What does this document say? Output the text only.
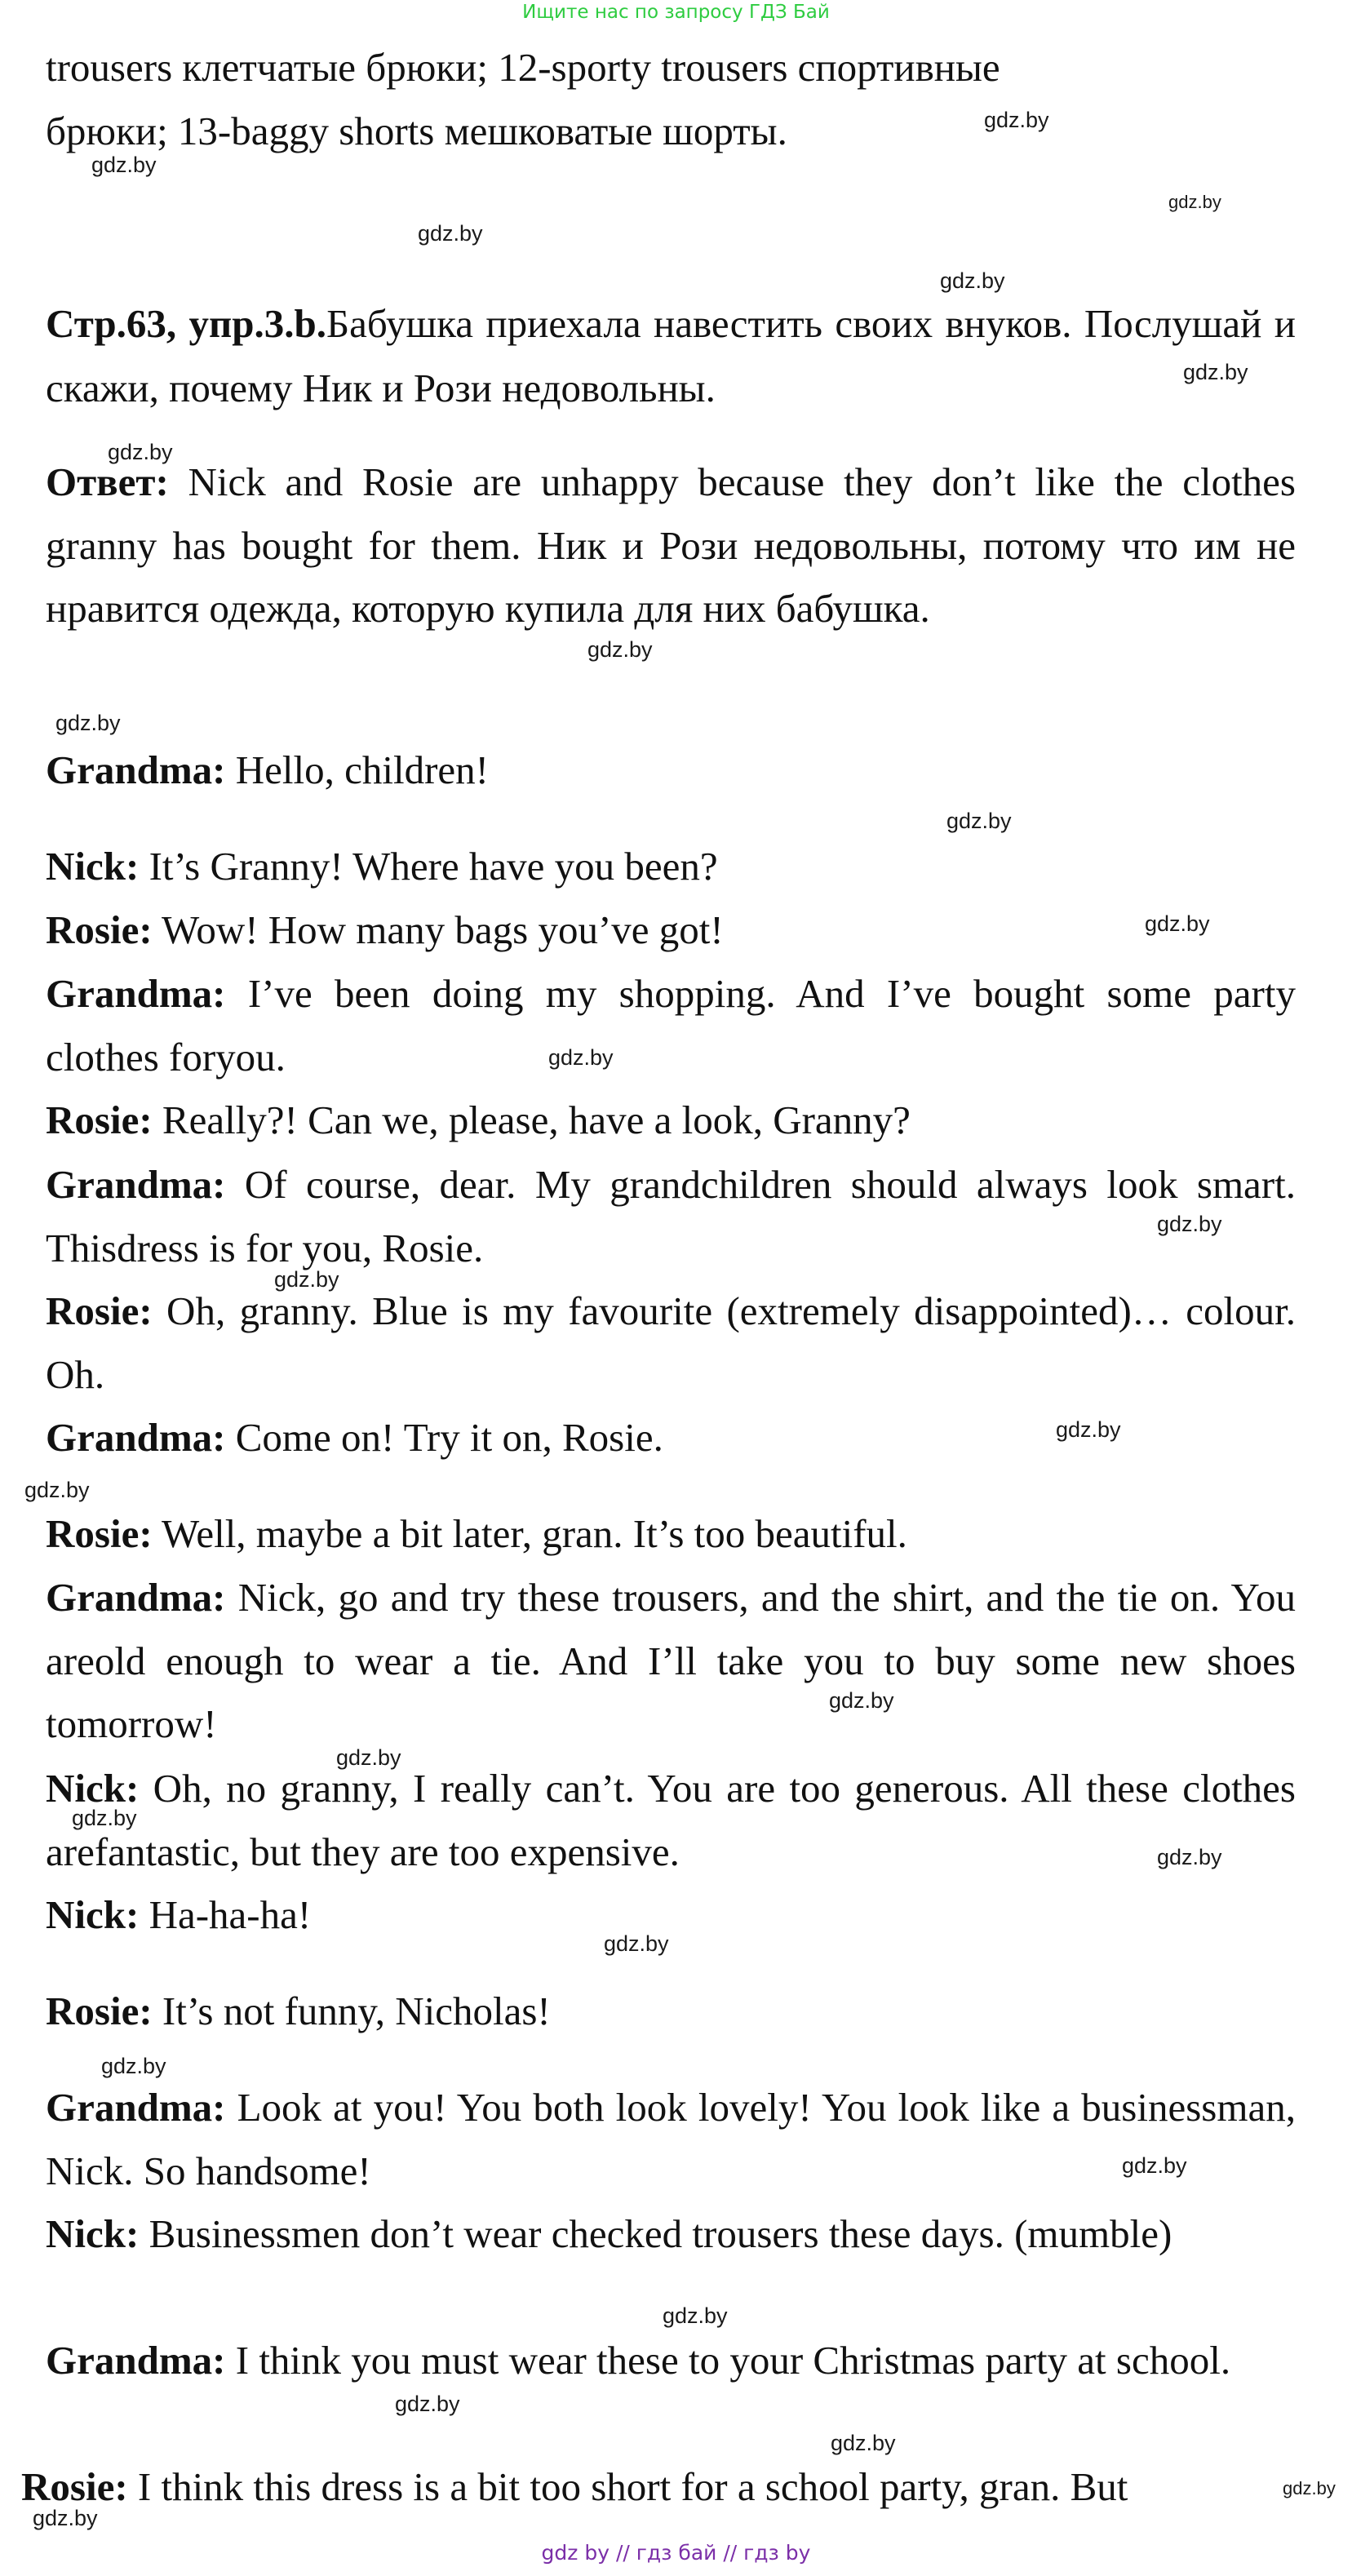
Ищите нас по запросу ГДЗ Бай
trousers клетчатые брюки; 12-sporty trousers спортивные
брюки; 13-baggy shorts мешковатые шорты.
Стр.63, упр.3.b.Бабушка приехала навестить своих внуков. Послушай и скажи, почему Ник и Рози недовольны.
Ответ: Nick and Rosie are unhappy because they don’t like the clothes granny has bought for them. Ник и Рози недовольны, потому что им не нравится одежда, которую купила для них бабушка.
Grandma: Hello, children!
Nick: It’s Granny! Where have you been?
Rosie: Wow! How many bags you’ve got!
Grandma: I’ve been doing my shopping. And I’ve bought some party clothes foryou.
Rosie: Really?! Can we, please, have a look, Granny?
Grandma: Of course, dear. My grandchildren should always look smart. Thisdress is for you, Rosie.
Rosie: Oh, granny. Blue is my favourite (extremely disappointed)… colour. Oh.
Grandma: Come on! Try it on, Rosie.
Rosie: Well, maybe a bit later, gran. It’s too beautiful.
Grandma: Nick, go and try these trousers, and the shirt, and the tie on. You areold enough to wear a tie. And I’ll take you to buy some new shoes tomorrow!
Nick: Oh, no granny, I really can’t. You are too generous. All these clothes arefantastic, but they are too expensive.
Nick: Ha-ha-ha!
Rosie: It’s not funny, Nicholas!
Grandma: Look at you! You both look lovely! You look like a businessman, Nick. So handsome!
Nick: Businessmen don’t wear checked trousers these days. (mumble)
Grandma: I think you must wear these to your Christmas party at school.
Rosie: I think this dress is a bit too short for a school party, gran. But
gdz.by
gdz.by
gdz.by
gdz.by
gdz.by
gdz.by
gdz.by
gdz.by
gdz.by
gdz.by
gdz.by
gdz.by
gdz.by
gdz.by
gdz.by
gdz.by
gdz.by
gdz.by
gdz.by
gdz.by
gdz.by
gdz.by
gdz.by
gdz.by
gdz.by
gdz.by
gdz.by
gdz.by
gdz by // гдз бай // гдз by
